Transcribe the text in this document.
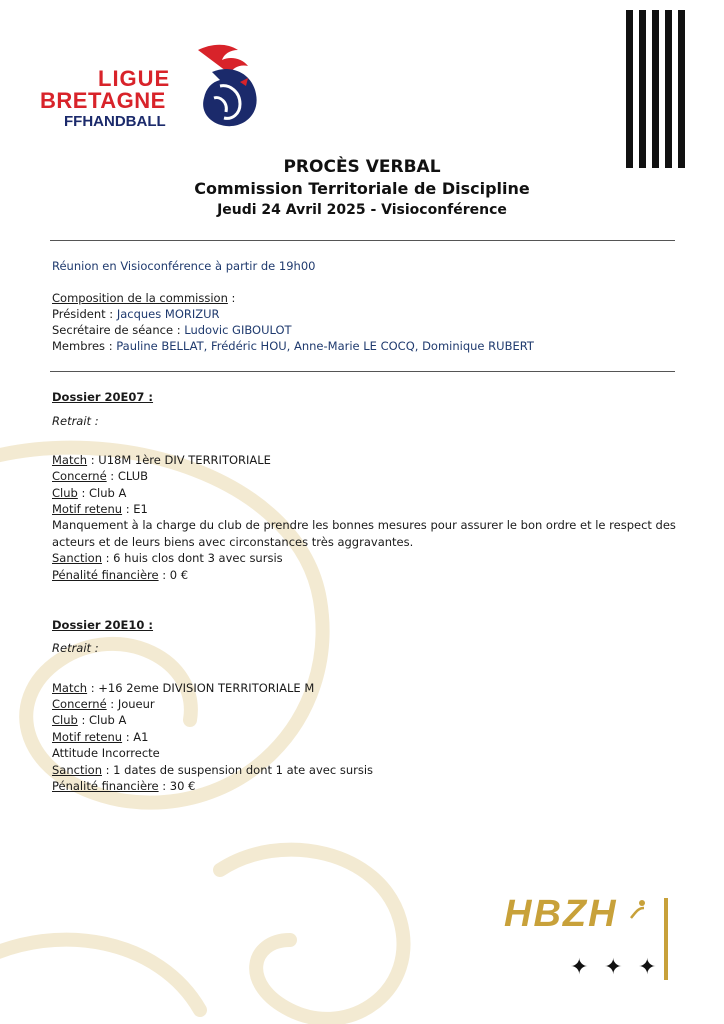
LIGUE
BRETAGNE
FFHANDBALL

PROCÈS VERBAL

Commission Territoriale de Discipline

Jeudi 24 Avril 2025 - Visioconférence

Réunion en Visioconférence à partir de 19h00
Composition de la commission :
Président : Jacques MORIZUR
Secrétaire de séance : Ludovic GIBOULOT
Membres : Pauline BELLAT, Frédéric HOU, Anne-Marie LE COCQ, Dominique RUBERT
Dossier 20E07 :
Retrait :
Match : U18M 1ère DIV TERRITORIALE
Concerné : CLUB
Club : Club A
Motif retenu : E1
Manquement à la charge du club de prendre les bonnes mesures pour assurer le bon ordre et le respect des
acteurs et de leurs biens avec circonstances très aggravantes.
Sanction : 6 huis clos dont 3 avec sursis
Pénalité financière : 0 €
Dossier 20E10 :
Retrait :
Match : +16 2eme DIVISION TERRITORIALE M
Concerné : Joueur
Club : Club A
Motif retenu : A1
Attitude Incorrecte
Sanction : 1 dates de suspension dont 1 ate avec sursis
Pénalité financière : 30 €
HBZH
✦ ✦ ✦
